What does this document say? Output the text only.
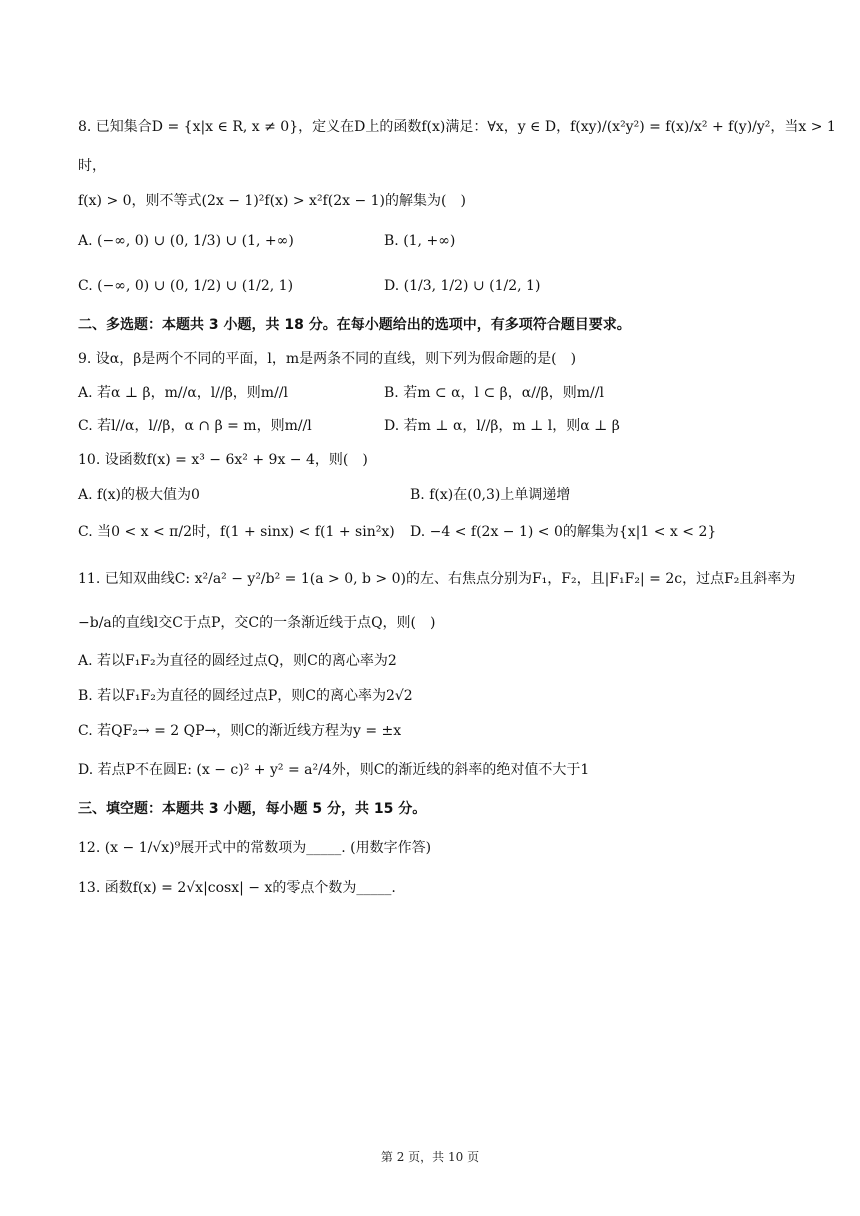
8. 已知集合D = {x|x ∈ R, x ≠ 0}，定义在D上的函数f(x)满足：∀x，y ∈ D，f(xy)/(x²y²) = f(x)/x² + f(y)/y²，当x > 1
时，
f(x) > 0，则不等式(2x − 1)²f(x) > x²f(2x − 1)的解集为(　)
A. (−∞, 0) ∪ (0, 1/3) ∪ (1, +∞)	B. (1, +∞)
C. (−∞, 0) ∪ (0, 1/2) ∪ (1/2, 1)	D. (1/3, 1/2) ∪ (1/2, 1)
二、多选题：本题共 3 小题，共 18 分。在每小题给出的选项中，有多项符合题目要求。
9. 设α，β是两个不同的平面，l，m是两条不同的直线，则下列为假命题的是(　)
A. 若α ⊥ β，m//α，l//β，则m//l	B. 若m ⊂ α，l ⊂ β，α//β，则m//l
C. 若l//α，l//β，α ∩ β = m，则m//l	D. 若m ⊥ α，l//β，m ⊥ l，则α ⊥ β
10. 设函数f(x) = x³ − 6x² + 9x − 4，则(　)
A. f(x)的极大值为0	B. f(x)在(0,3)上单调递增
C. 当0 < x < π/2时，f(1 + sinx) < f(1 + sin²x) D. −4 < f(2x − 1) < 0的解集为{x|1 < x < 2}
11. 已知双曲线C: x²/a² − y²/b² = 1(a > 0, b > 0)的左、右焦点分别为F₁，F₂，且|F₁F₂| = 2c，过点F₂且斜率为
−b/a的直线l交C于点P，交C的一条渐近线于点Q，则(　)
A. 若以F₁F₂为直径的圆经过点Q，则C的离心率为2
B. 若以F₁F₂为直径的圆经过点P，则C的离心率为2√2
C. 若QF₂→ = 2 QP→，则C的渐近线方程为y = ±x
D. 若点P不在圆E: (x − c)² + y² = a²/4外，则C的渐近线的斜率的绝对值不大于1
三、填空题：本题共 3 小题，每小题 5 分，共 15 分。
12. (x − 1/√x)⁹展开式中的常数项为_____. (用数字作答)
13. 函数f(x) = 2√x|cosx| − x的零点个数为_____.
第 2 页，共 10 页
